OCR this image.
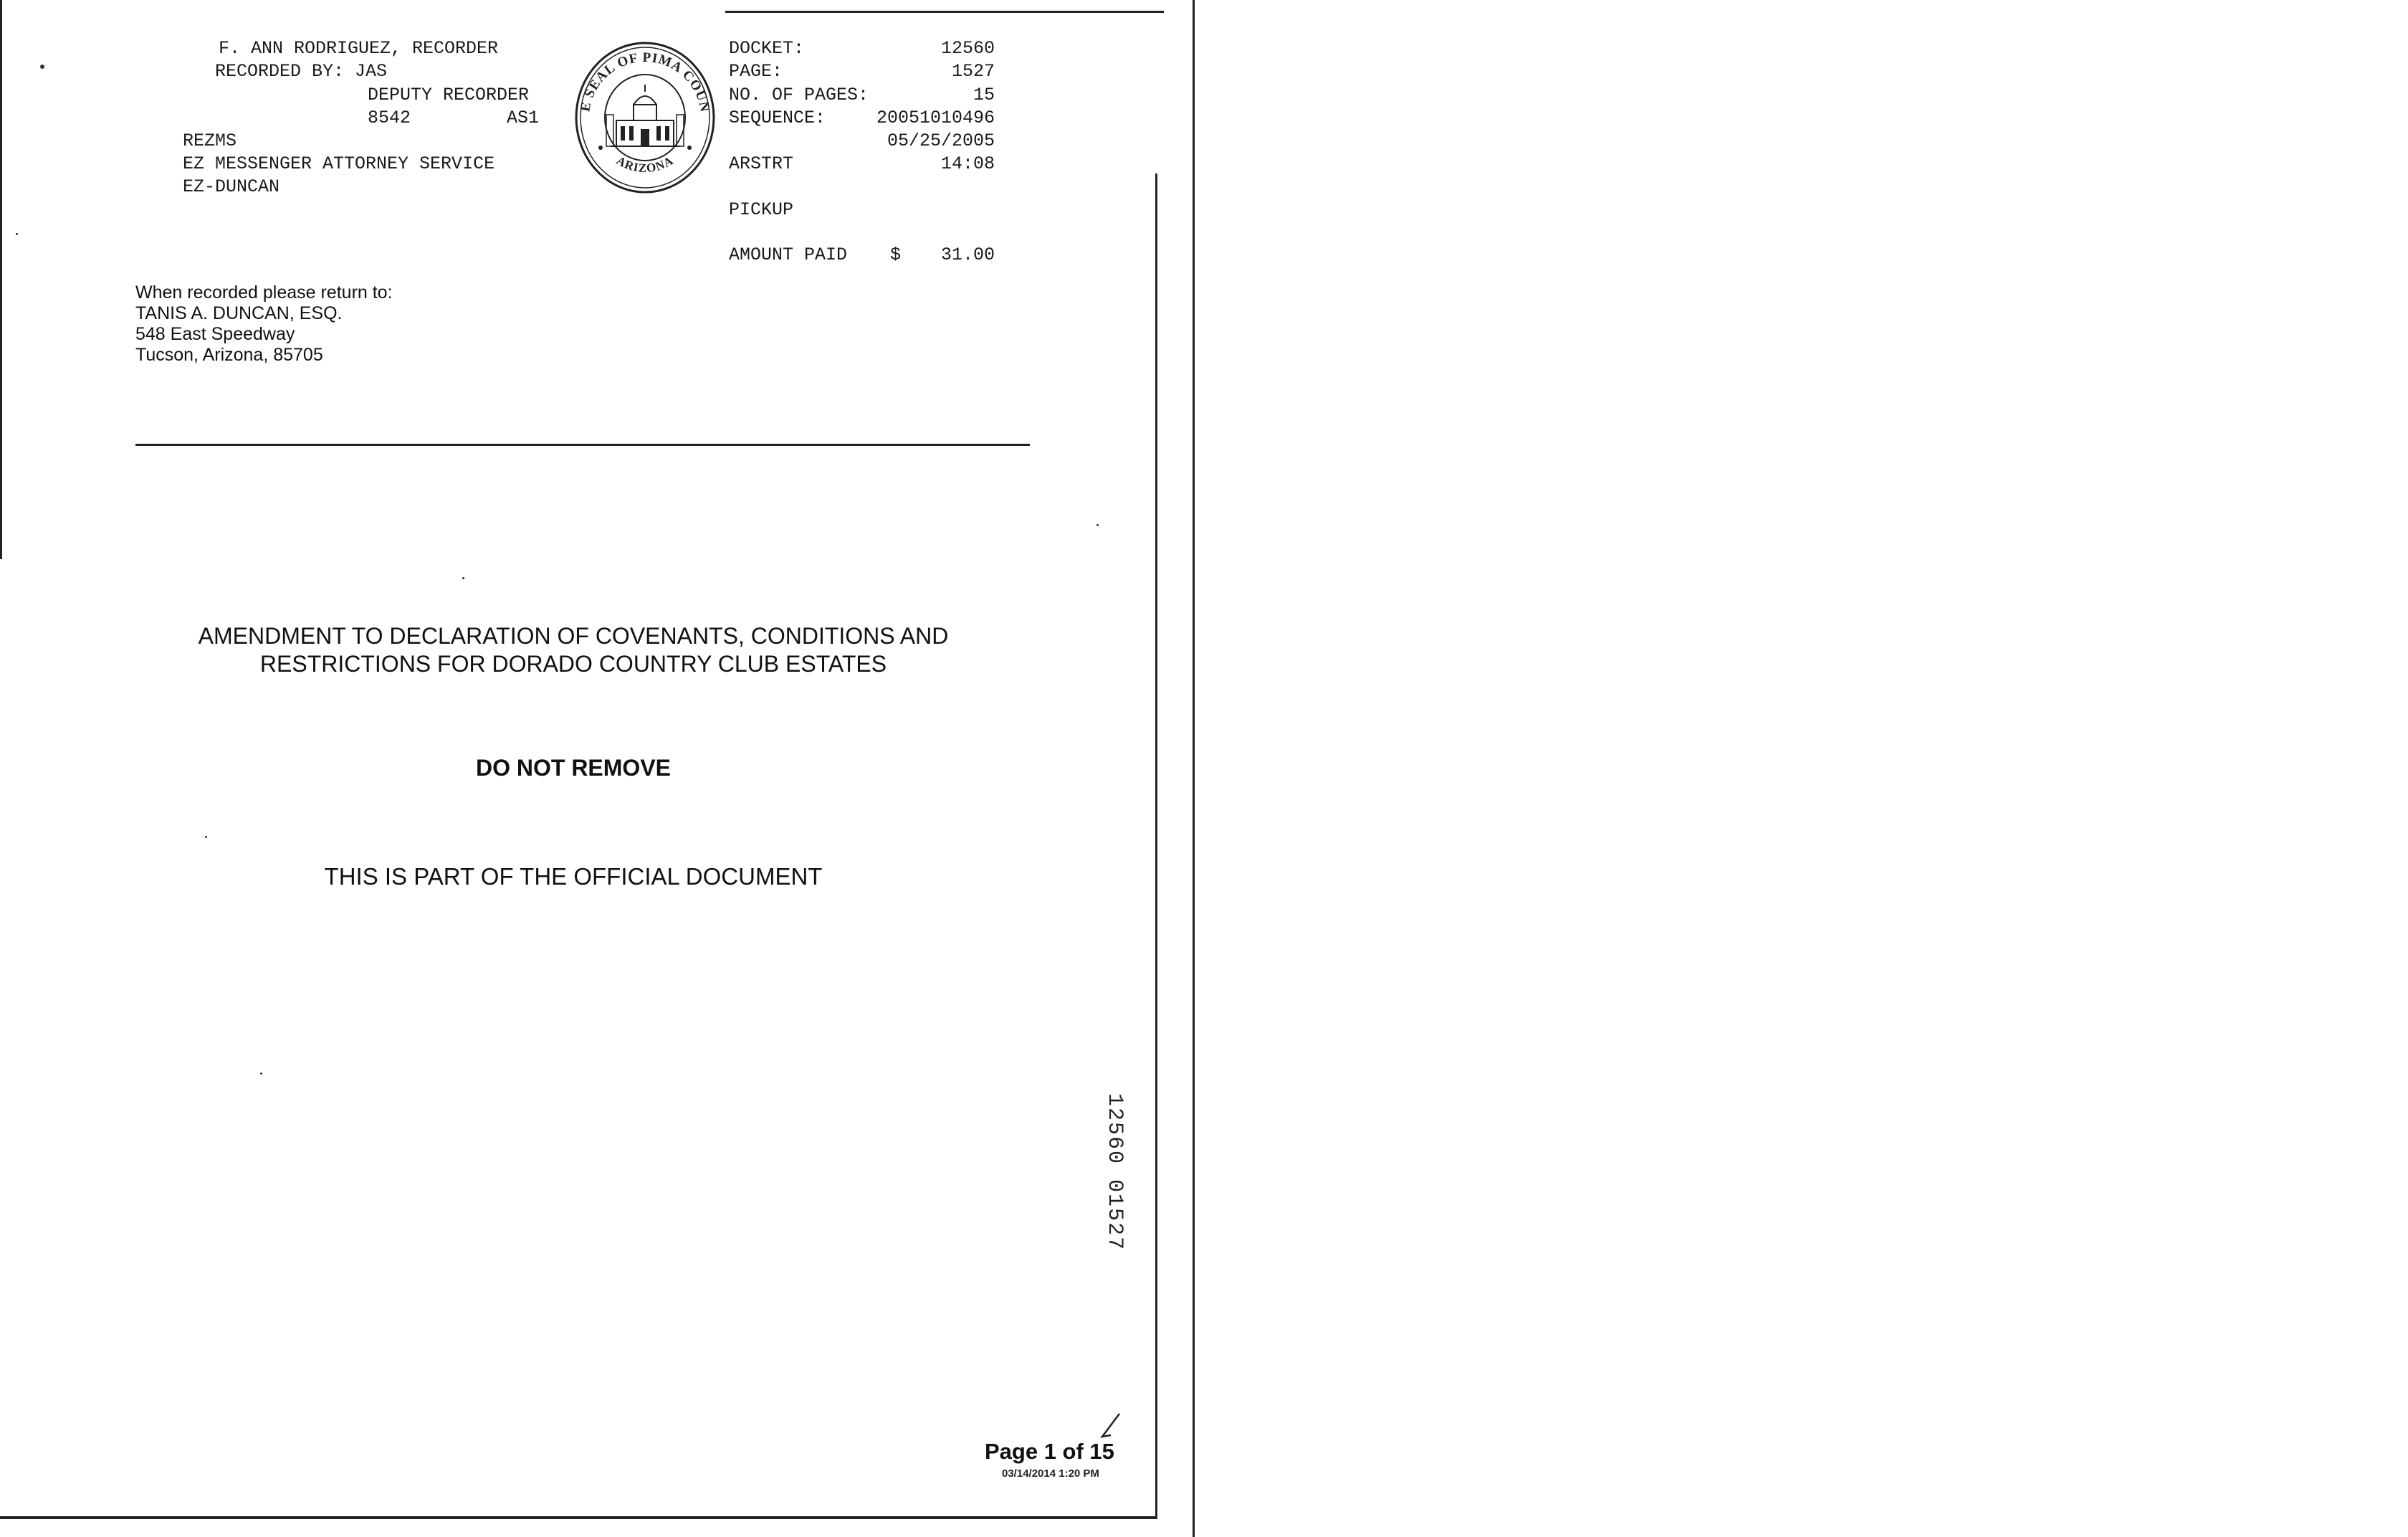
F. ANN RODRIGUEZ, RECORDER
RECORDED BY: JAS
DEPUTY RECORDER
8542	AS1
REZMS
EZ MESSENGER ATTORNEY SERVICE
EZ-DUNCAN
E SEAL OF PIMA COUN
ARIZONA
DOCKET:	12560
PAGE:	1527
NO. OF PAGES:	15
SEQUENCE:	20051010496
05/25/2005
ARSTRT	14:08
PICKUP
AMOUNT PAID $ 31.00
When recorded please return to:
TANIS A. DUNCAN, ESQ.
548 East Speedway
Tucson, Arizona, 85705
AMENDMENT TO DECLARATION OF COVENANTS, CONDITIONS AND
RESTRICTIONS FOR DORADO COUNTRY CLUB ESTATES
DO NOT REMOVE
THIS IS PART OF THE OFFICIAL DOCUMENT
12560 01527
Page 1 of 15
03/14/2014 1:20 PM
